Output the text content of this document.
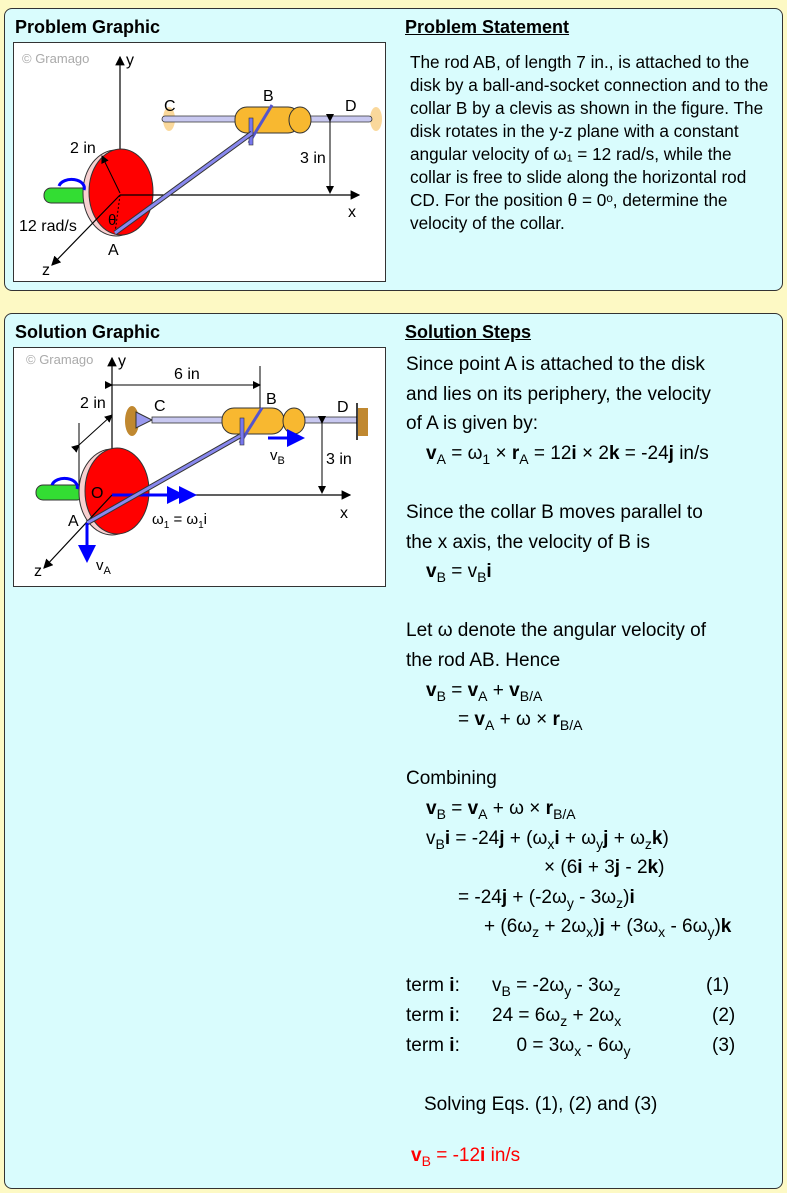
Problem Graphic	Problem Statement
© Gramago y
C	D
B
3 in
x
z
2 in
12 rad/s θ
A
The rod AB, of length 7 in., is attached to the disk by a ball-and-socket connection and to the collar B by a clevis as shown in the figure. The disk rotates in the y-z plane with a constant angular velocity of ω₁ = 12 rad/s, while the collar is free to slide along the horizontal rod CD. For the position θ = 0ᵒ, determine the velocity of the collar.
Solution Graphic	Solution Steps
© Gramago y
6 in
2 in	C	D
B
$v_B$	3 in
x
$\omega_1 = \omega_1i$
z	$v_A$
A
O
Since point A is attached to the disk
and lies on its periphery, the velocity
of A is given by:
$v_A = \omega_1 \times r_A = 12i \times 2k = -24j$ in/s
Since the collar B moves parallel to
the x axis, the velocity of B is
$v_B = v_Bi$
Let ω denote the angular velocity of
the rod AB. Hence
$v_B = v_A + v_{B/A}$
= $v_A + \omega \times r_{B/A}$
Combining
$v_B = v_A + \omega \times r_{B/A}$
$v_Bi = -24j + (\omega_xi + \omega_yj + \omega_zk)$
× (6i + 3j - 2k)
= $-24j + (-2\omega_y - 3\omega_z)i$
+ $(6\omega_z + 2\omega_x)j + (3\omega_x - 6\omega_y)k$
term i: $v_B = -2\omega_y - 3\omega_z$	(1)
term i: $24 = 6\omega_z + 2\omega_x$	(2)
term i:  $0 = 3\omega_x - 6\omega_y$	(3)
Solving Eqs. (1), (2) and (3)
$v_B = -12i$ in/s
